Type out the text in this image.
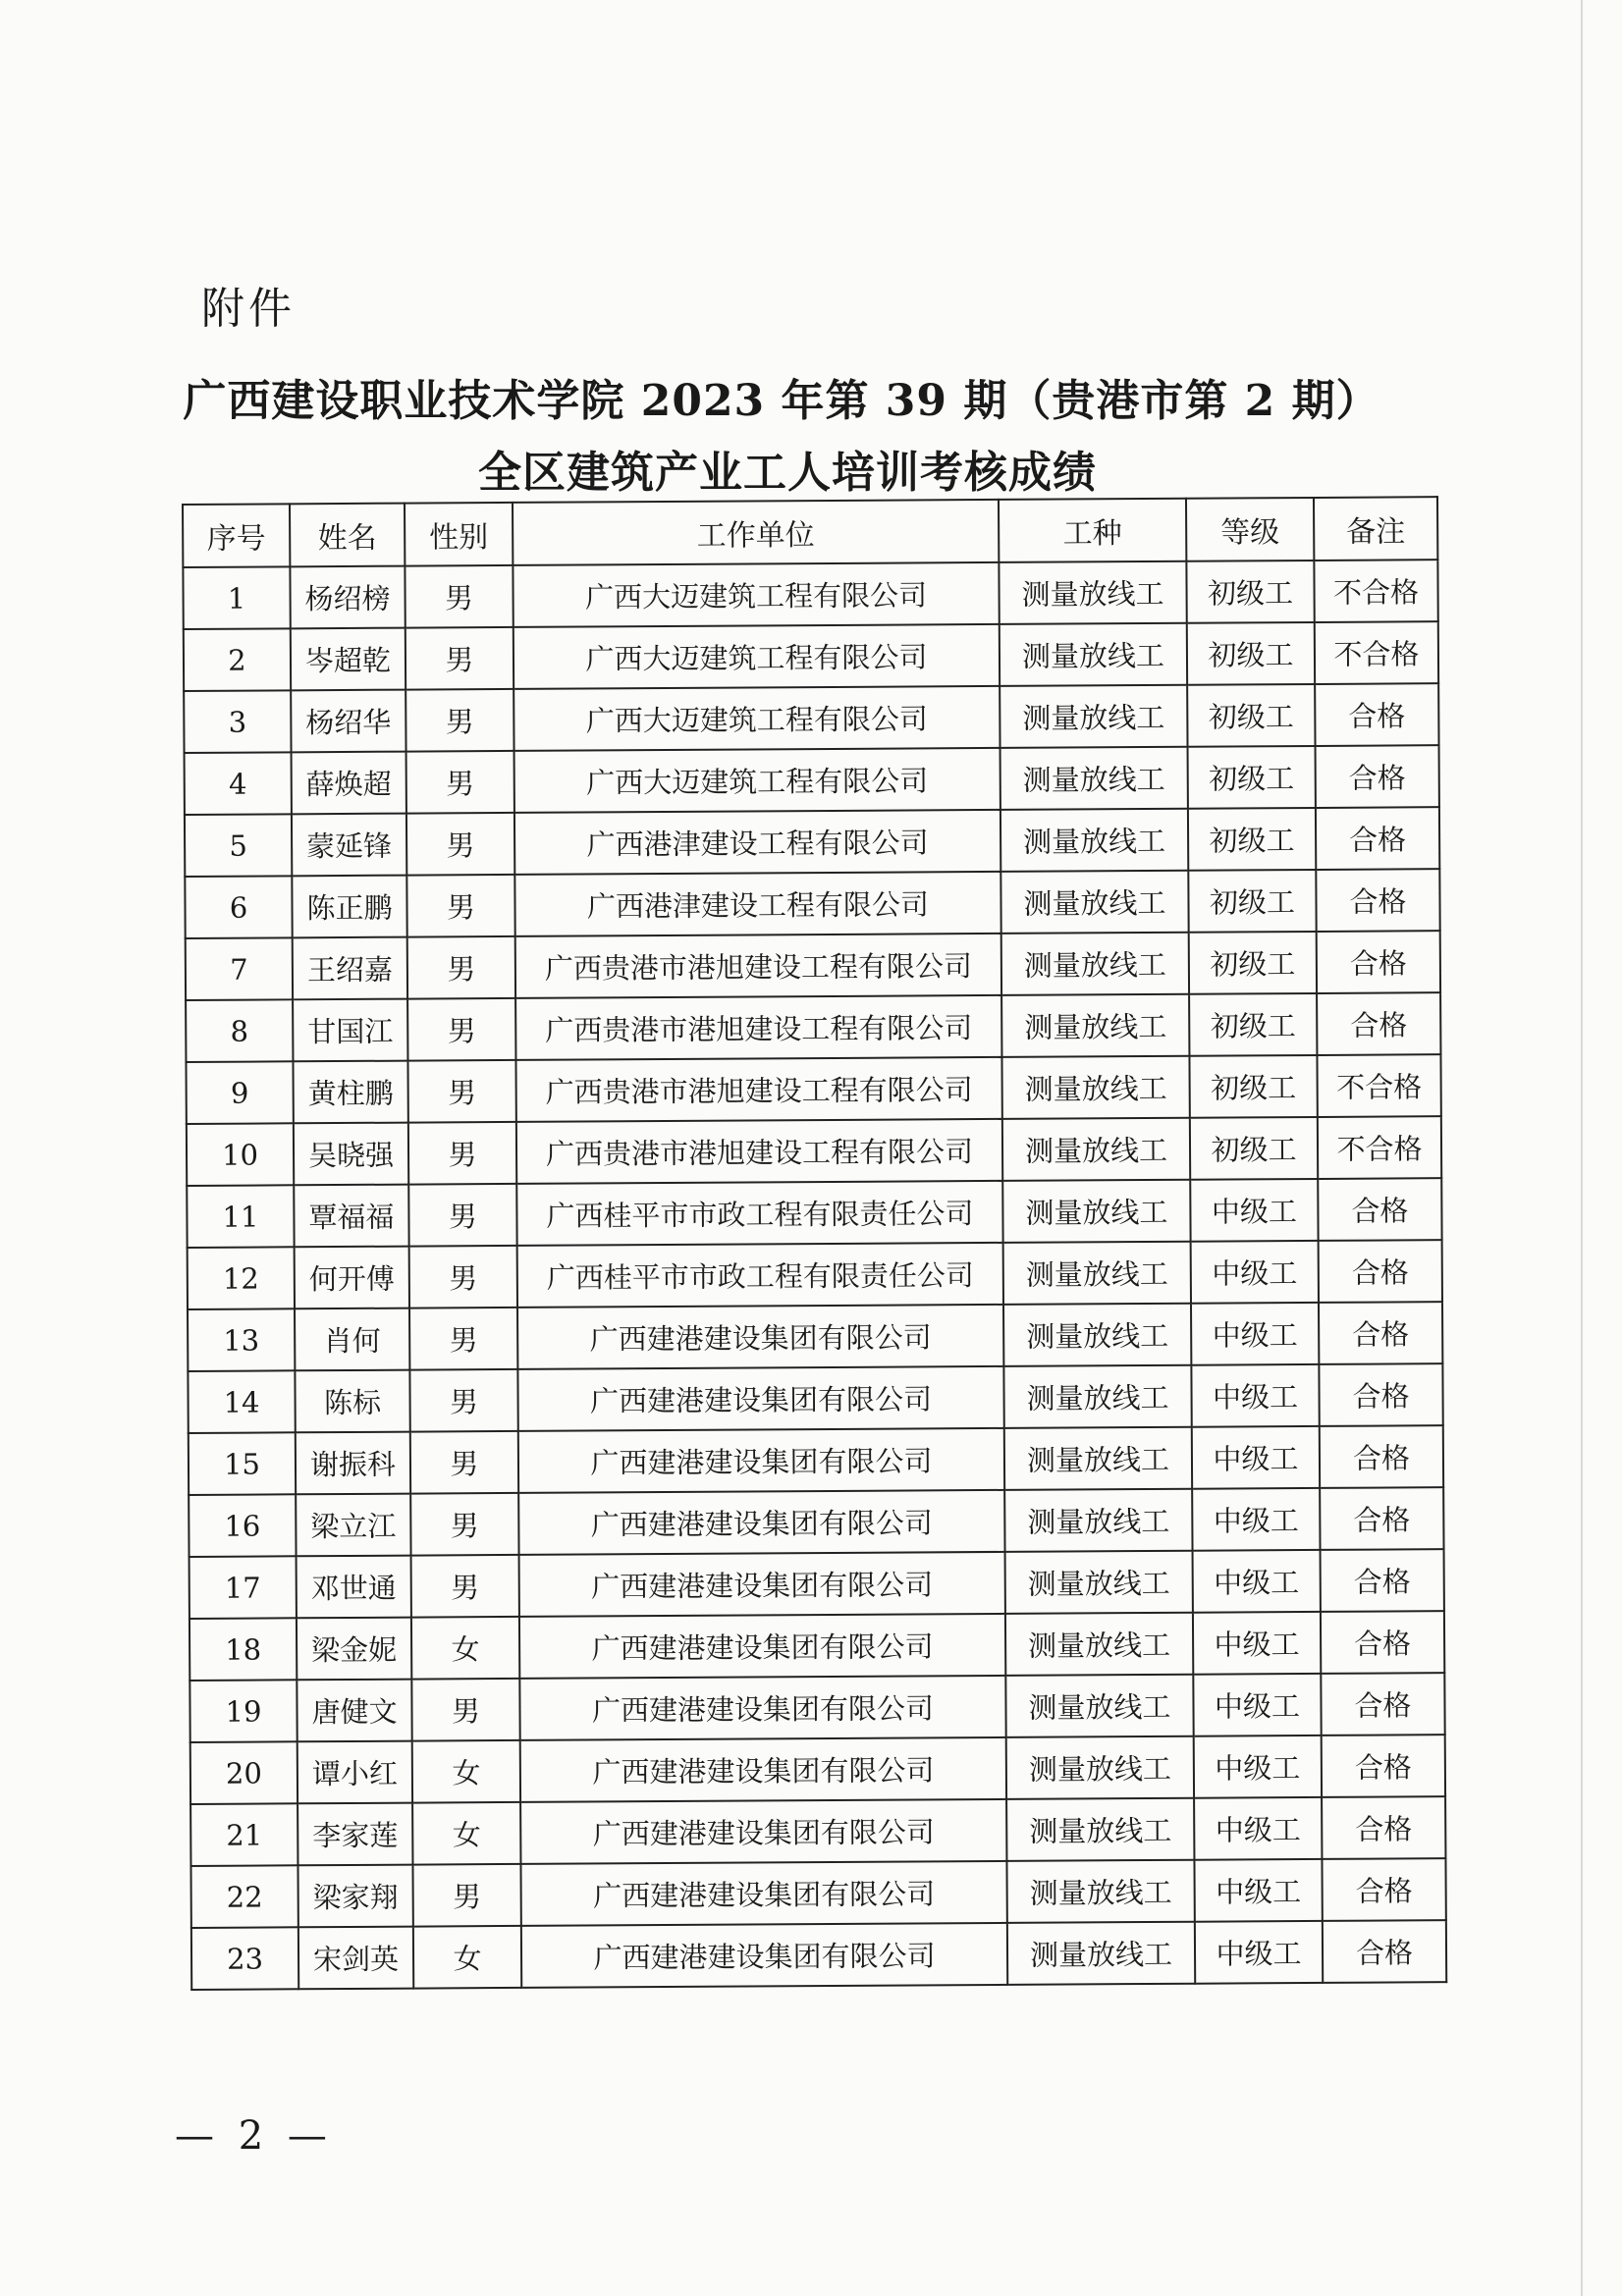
附件
广西建设职业技术学院 2023 年第 39 期（贵港市第 2 期）
全区建筑产业工人培训考核成绩
序号	姓名	性别	工作单位	工种	等级	备注
1	杨绍榜	男	广西大迈建筑工程有限公司	测量放线工	初级工	不合格
2	岑超乾	男	广西大迈建筑工程有限公司	测量放线工	初级工	不合格
3	杨绍华	男	广西大迈建筑工程有限公司	测量放线工	初级工	合格
4	薛焕超	男	广西大迈建筑工程有限公司	测量放线工	初级工	合格
5	蒙延锋	男	广西港津建设工程有限公司	测量放线工	初级工	合格
6	陈正鹏	男	广西港津建设工程有限公司	测量放线工	初级工	合格
7	王绍嘉	男	广西贵港市港旭建设工程有限公司	测量放线工	初级工	合格
8	甘国江	男	广西贵港市港旭建设工程有限公司	测量放线工	初级工	合格
9	黄柱鹏	男	广西贵港市港旭建设工程有限公司	测量放线工	初级工	不合格
10	吴晓强	男	广西贵港市港旭建设工程有限公司	测量放线工	初级工	不合格
11	覃福福	男	广西桂平市市政工程有限责任公司	测量放线工	中级工	合格
12	何开傅	男	广西桂平市市政工程有限责任公司	测量放线工	中级工	合格
13	肖何	男	广西建港建设集团有限公司	测量放线工	中级工	合格
14	陈标	男	广西建港建设集团有限公司	测量放线工	中级工	合格
15	谢振科	男	广西建港建设集团有限公司	测量放线工	中级工	合格
16	梁立江	男	广西建港建设集团有限公司	测量放线工	中级工	合格
17	邓世通	男	广西建港建设集团有限公司	测量放线工	中级工	合格
18	梁金妮	女	广西建港建设集团有限公司	测量放线工	中级工	合格
19	唐健文	男	广西建港建设集团有限公司	测量放线工	中级工	合格
20	谭小红	女	广西建港建设集团有限公司	测量放线工	中级工	合格
21	李家莲	女	广西建港建设集团有限公司	测量放线工	中级工	合格
22	梁家翔	男	广西建港建设集团有限公司	测量放线工	中级工	合格
23	宋剑英	女	广西建港建设集团有限公司	测量放线工	中级工	合格
— 2 —
